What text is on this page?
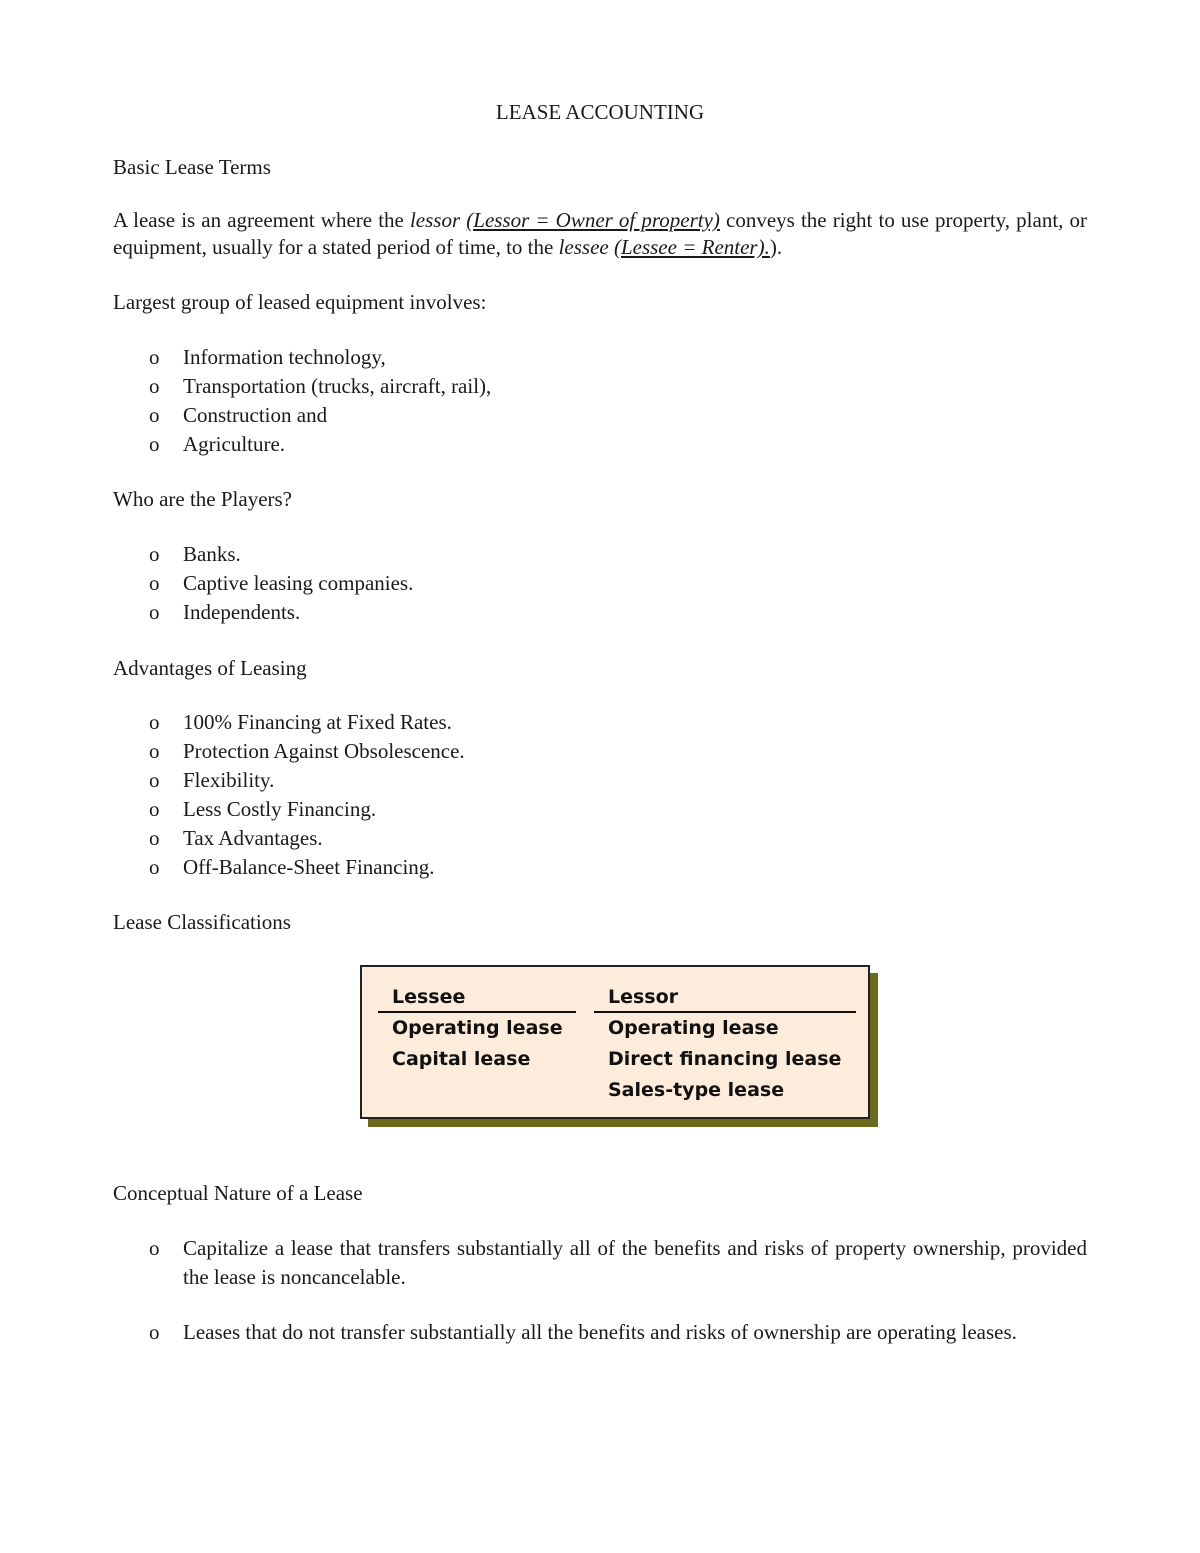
LEASE ACCOUNTING
Basic Lease Terms
A lease is an agreement where the lessor (Lessor = Owner of property) conveys the right to use property, plant, or equipment, usually for a stated period of time, to the lessee (Lessee = Renter).).
Largest group of leased equipment involves:
o Information technology,
o Transportation (trucks, aircraft, rail),
o Construction and
o Agriculture.
Who are the Players?
o Banks.
o Captive leasing companies.
o Independents.
Advantages of Leasing
o 100% Financing at Fixed Rates.
o Protection Against Obsolescence.
o Flexibility.
o Less Costly Financing.
o Tax Advantages.
o Off-Balance-Sheet Financing.
Lease Classifications
Conceptual Nature of a Lease
o Capitalize a lease that transfers substantially all of the benefits and risks of property ownership, provided the lease is noncancelable.
o Leases that do not transfer substantially all the benefits and risks of ownership are operating leases.
Lessee
Operating lease
Capital lease
Lessor
Operating lease
Direct financing lease
Sales-type lease
